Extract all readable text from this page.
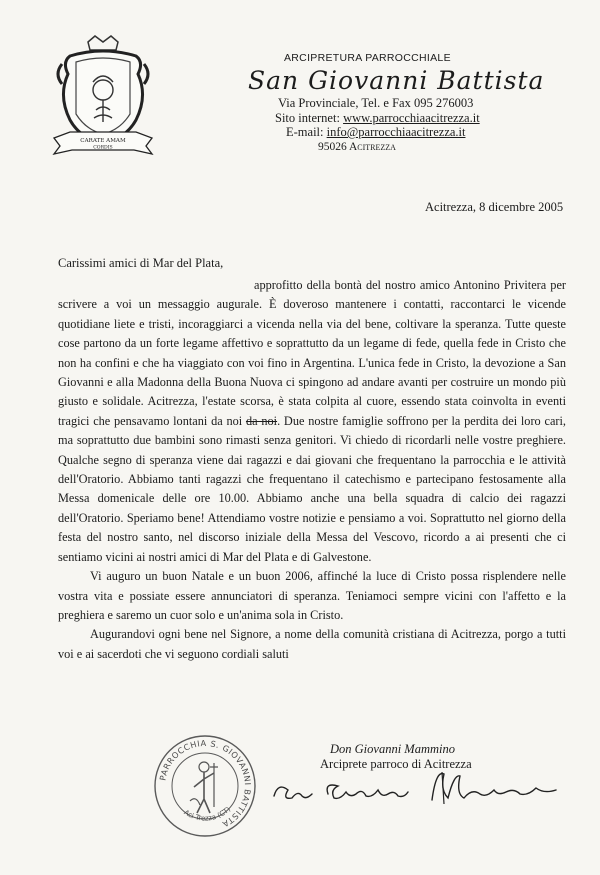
CARATE AMAM
CORDIS
ARCIPRETURA PARROCCHIALE
San Giovanni Battista
Via Provinciale, Tel. e Fax 095 276003
Sito internet: www.parrocchiaacitrezza.it
E-mail: info@parrocchiaacitrezza.it
95026 Acitrezza
Acitrezza, 8 dicembre 2005
Carissimi amici di Mar del Plata,

approfitto della bontà del nostro amico Antonino Privitera per scrivere a voi un messaggio augurale. È doveroso mantenere i contatti, raccontarci le vicende quotidiane liete e tristi, incoraggiarci a vicenda nella via del bene, coltivare la speranza. Tutte queste cose partono da un forte legame affettivo e soprattutto da un legame di fede, quella fede in Cristo che non ha confini e che ha viaggiato con voi fino in Argentina. L'unica fede in Cristo, la devozione a San Giovanni e alla Madonna della Buona Nuova ci spingono ad andare avanti per costruire un mondo più giusto e solidale. Acitrezza, l'estate scorsa, è stata colpita al cuore, essendo stata coinvolta in eventi tragici che pensavamo lontani da noi da noi. Due nostre famiglie soffrono per la perdita dei loro cari, ma soprattutto due bambini sono rimasti senza genitori. Vi chiedo di ricordarli nelle vostre preghiere. Qualche segno di speranza viene dai ragazzi e dai giovani che frequentano la parrocchia e le attività dell'Oratorio. Abbiamo tanti ragazzi che frequentano il catechismo e partecipano festosamente alla Messa domenicale delle ore 10.00. Abbiamo anche una bella squadra di calcio dei ragazzi dell'Oratorio. Speriamo bene! Attendiamo vostre notizie e pensiamo a voi. Soprattutto nel giorno della festa del nostro santo, nel discorso iniziale della Messa del Vescovo, ricordo a ai presenti che ci sentiamo vicini ai nostri amici di Mar del Plata e di Galvestone.

Vi auguro un buon Natale e un buon 2006, affinché la luce di Cristo possa risplendere nelle vostra vita e possiate essere annunciatori di speranza. Teniamoci sempre vicini con l'affetto e la preghiera e saremo un cuor solo e un'anima sola in Cristo.

Augurandovi ogni bene nel Signore, a nome della comunità cristiana di Acitrezza, porgo a tutti voi e ai sacerdoti che vi seguono cordiali saluti

PARROCCHIA S. GIOVANNI BATTISTA
Aci Trezza (CT)
Don Giovanni Mammino
Arciprete parroco di Acitrezza
